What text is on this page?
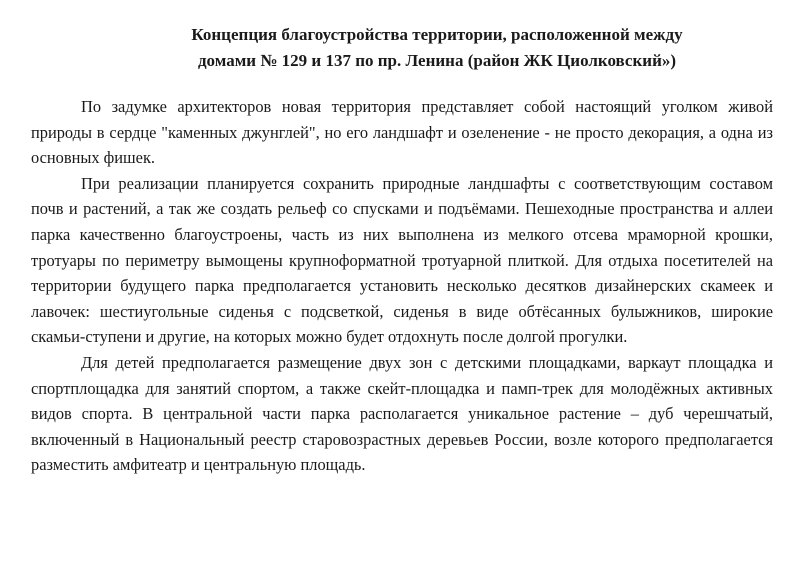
Концепция благоустройства территории, расположенной между
домами № 129 и 137 по пр. Ленина (район ЖК Циолковский»)

По задумке архитекторов новая территория представляет собой настоящий уголком живой природы в сердце "каменных джунглей", но его ландшафт и озеленение - не просто декорация, а одна из основных фишек.

При реализации планируется сохранить природные ландшафты с соответствующим составом почв и растений, а так же создать рельеф со спусками и подъёмами. Пешеходные пространства и аллеи парка качественно благоустроены, часть из них выполнена из мелкого отсева мраморной крошки, тротуары по периметру вымощены крупноформатной тротуарной плиткой. Для отдыха посетителей на территории будущего парка предполагается установить несколько десятков дизайнерских скамеек и лавочек: шестиугольные сиденья с подсветкой, сиденья в виде обтёсанных булыжников, широкие скамьи-ступени и другие, на которых можно будет отдохнуть после долгой прогулки.

Для детей предполагается размещение двух зон с детскими площадками, варкаут площадка и спортплощадка для занятий спортом, а также скейт-площадка и памп-трек для молодёжных активных видов спорта. В центральной части парка располагается уникальное растение – дуб черешчатый, включенный в Национальный реестр старовозрастных деревьев России, возле которого предполагается разместить амфитеатр и центральную площадь.
